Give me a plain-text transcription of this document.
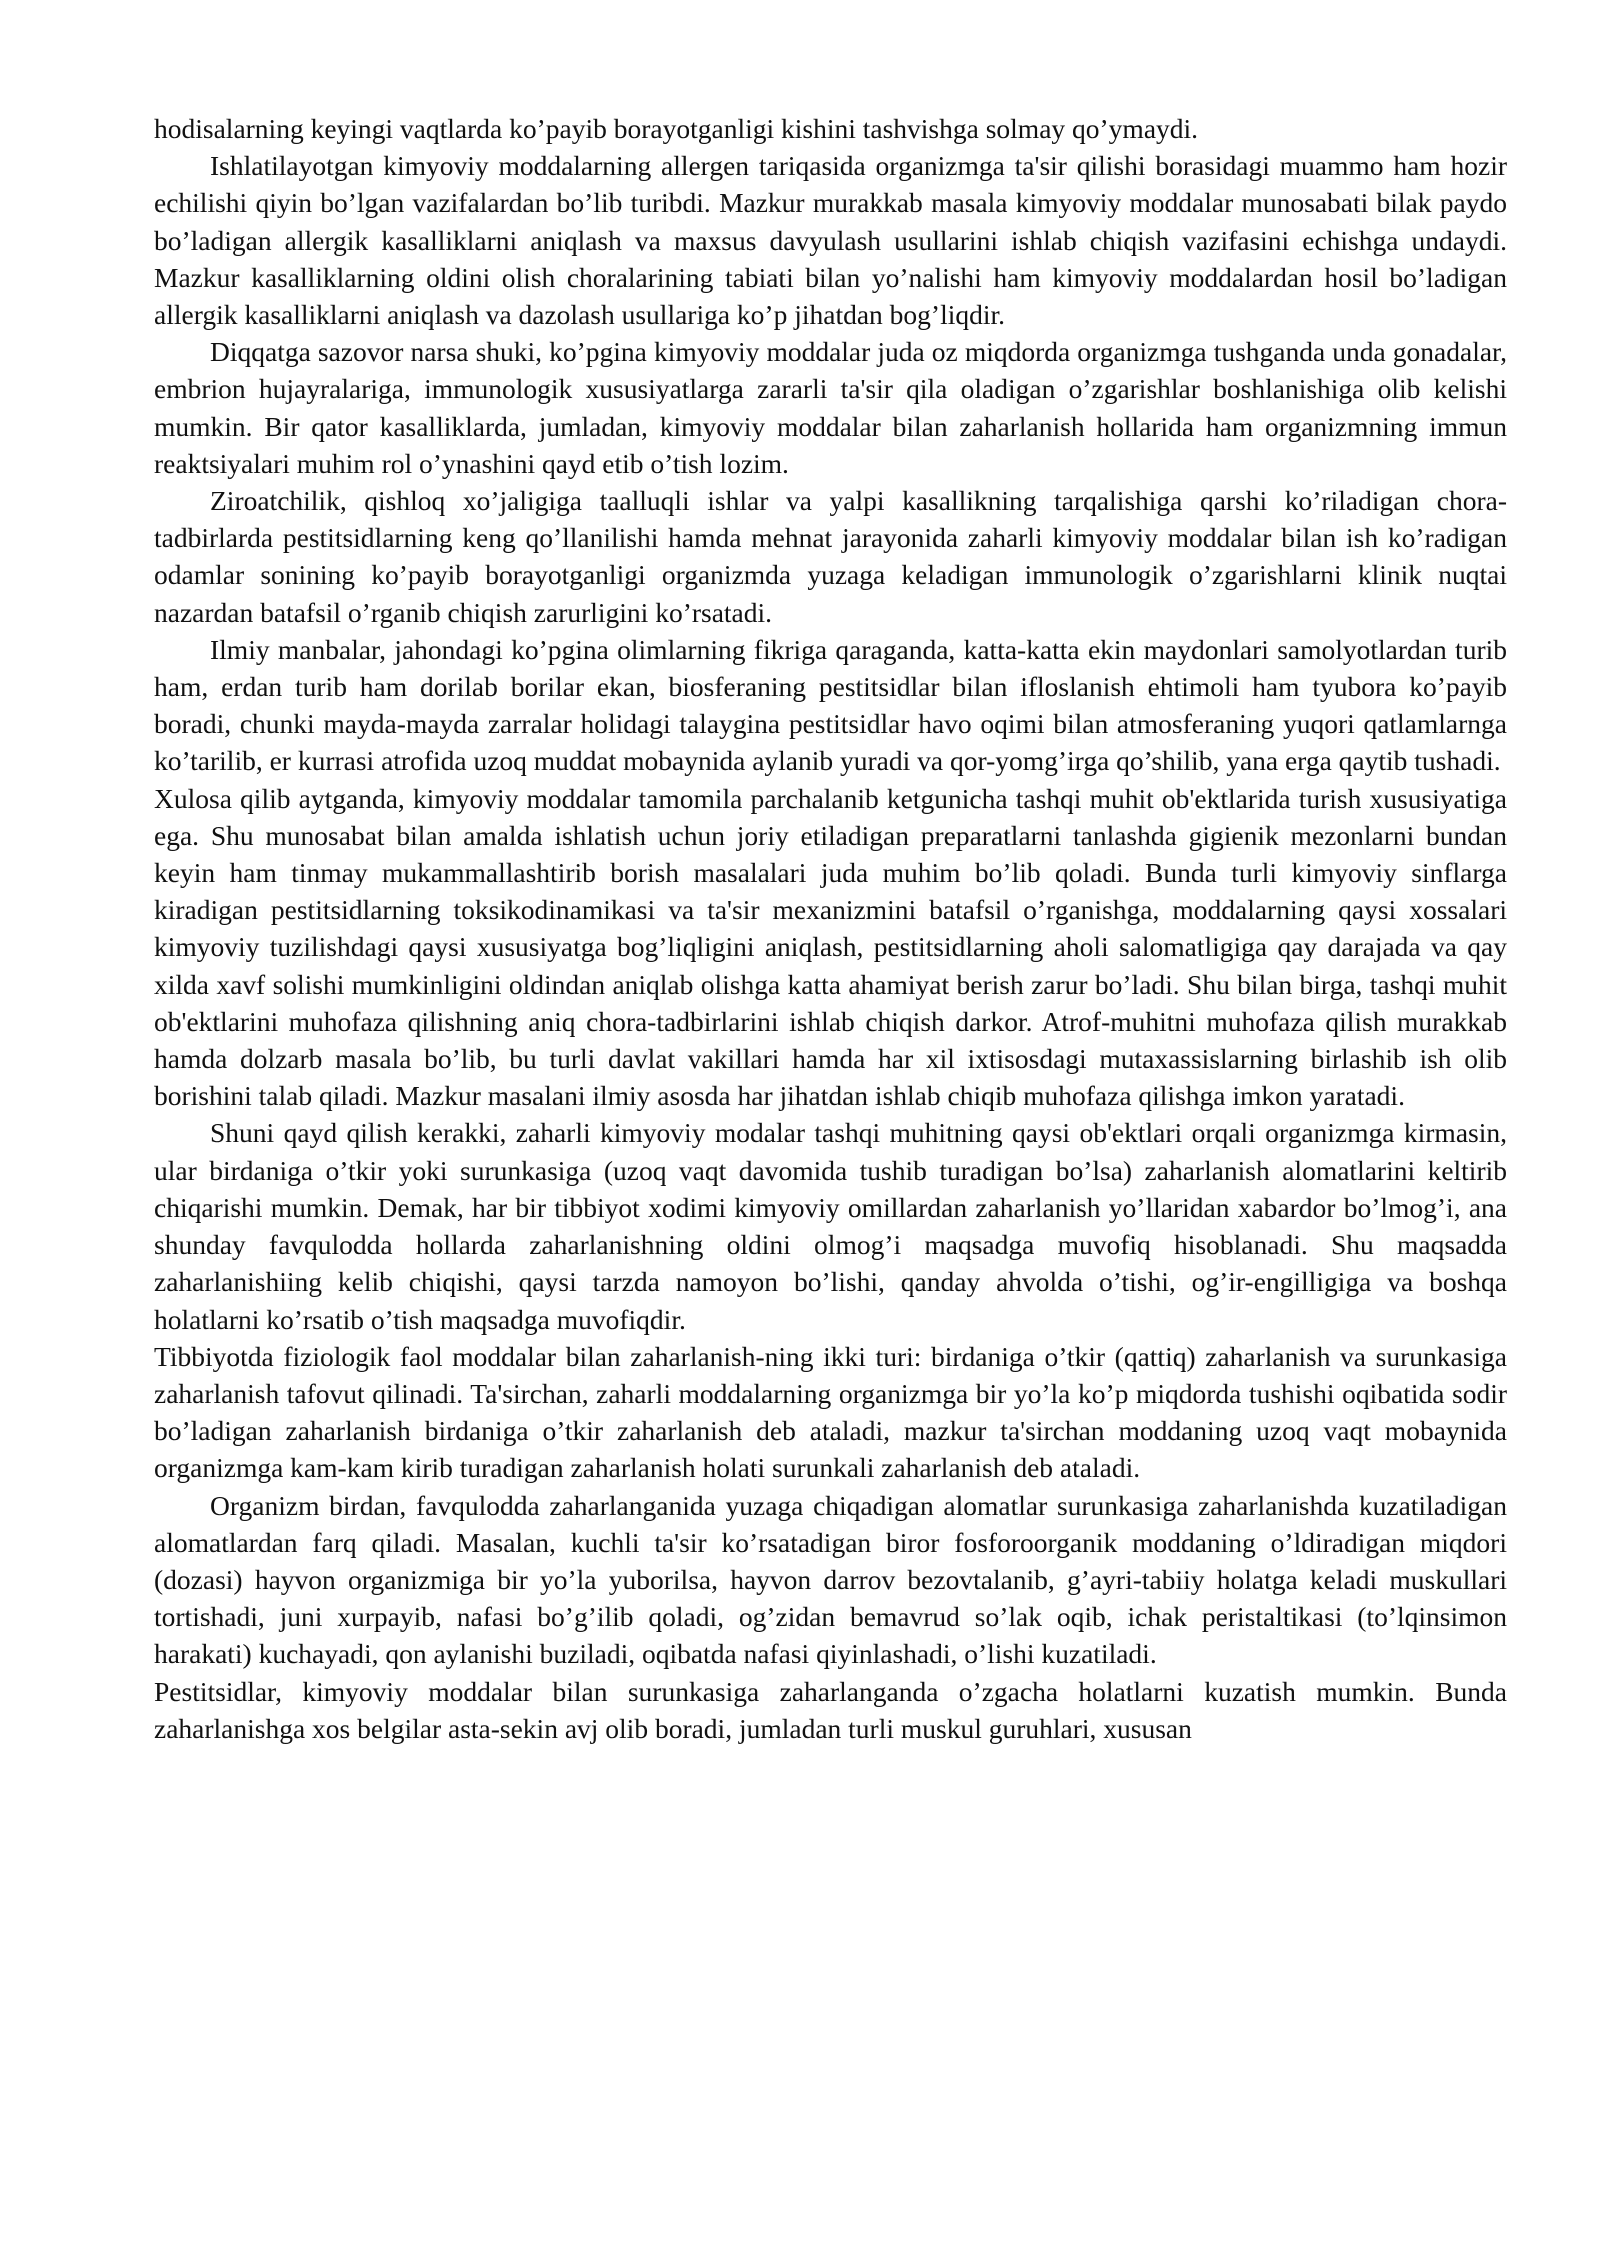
hodisalarning keyingi vaqtlarda ko’payib borayotganligi kishini tashvishga solmay qo’ymaydi.

Ishlatilayotgan kimyoviy moddalarning allergen tariqasida organizmga ta'sir qilishi borasidagi muammo ham hozir echilishi qiyin bo’lgan vazifalardan bo’lib turibdi. Mazkur murakkab masala kimyoviy moddalar munosabati bilak paydo bo’ladigan allergik kasalliklarni aniqlash va maxsus davyulash usullarini ishlab chiqish vazifasini echishga undaydi. Mazkur kasalliklarning oldini olish choralarining tabiati bilan yo’nalishi ham kimyoviy moddalardan hosil bo’ladigan allergik kasalliklarni aniqlash va dazolash usullariga ko’p jihatdan bog’liqdir.

Diqqatga sazovor narsa shuki, ko’pgina kimyoviy moddalar juda oz miqdorda organizmga tushganda unda gonadalar, embrion hujayralariga, immunologik xususiyatlarga zararli ta'sir qila oladigan o’zgarishlar boshlanishiga olib kelishi mumkin. Bir qator kasalliklarda, jumladan, kimyoviy moddalar bilan zaharlanish hollarida ham organizmning immun reaktsiyalari muhim rol o’ynashini qayd etib o’tish lozim.

Ziroatchilik, qishloq xo’jaligiga taalluqli ishlar va yalpi kasallikning tarqalishiga qarshi ko’riladigan chora-tadbirlarda pestitsidlarning keng qo’llanilishi hamda mehnat jarayonida zaharli kimyoviy moddalar bilan ish ko’radigan odamlar sonining ko’payib borayotganligi organizmda yuzaga keladigan immunologik o’zgarishlarni klinik nuqtai nazardan batafsil o’rganib chiqish zarurligini ko’rsatadi.

Ilmiy manbalar, jahondagi ko’pgina olimlarning fikriga qaraganda, katta-katta ekin maydonlari samolyotlardan turib ham, erdan turib ham dorilab borilar ekan, biosferaning pestitsidlar bilan ifloslanish ehtimoli ham tyubora ko’payib boradi, chunki mayda-mayda zarralar holidagi talaygina pestitsidlar havo oqimi bilan atmosferaning yuqori qatlamlarnga ko’tarilib, er kurrasi atrofida uzoq muddat mobaynida aylanib yuradi va qor-yomg’irga qo’shilib, yana erga qaytib tushadi.

Xulosa qilib aytganda, kimyoviy moddalar tamomila parchalanib ketgunicha tashqi muhit ob'ektlarida turish xususiyatiga ega. Shu munosabat bilan amalda ishlatish uchun joriy etiladigan preparatlarni tanlashda gigienik mezonlarni bundan keyin ham tinmay mukammallashtirib borish masalalari juda muhim bo’lib qoladi. Bunda turli kimyoviy sinflarga kiradigan pestitsidlarning toksikodinamikasi va ta'sir mexanizmini batafsil o’rganishga, moddalarning qaysi xossalari kimyoviy tuzilishdagi qaysi xususiyatga bog’liqligini aniqlash, pestitsidlarning aholi salomatligiga qay darajada va qay xilda xavf solishi mumkinligini oldindan aniqlab olishga katta ahamiyat berish zarur bo’ladi. Shu bilan birga, tashqi muhit ob'ektlarini muhofaza qilishning aniq chora-tadbirlarini ishlab chiqish darkor. Atrof-muhitni muhofaza qilish murakkab hamda dolzarb masala bo’lib, bu turli davlat vakillari hamda har xil ixtisosdagi mutaxassislarning birlashib ish olib borishini talab qiladi. Mazkur masalani ilmiy asosda har jihatdan ishlab chiqib muhofaza qilishga imkon yaratadi.

Shuni qayd qilish kerakki, zaharli kimyoviy modalar tashqi muhitning qaysi ob'ektlari orqali organizmga kirmasin, ular birdaniga o’tkir yoki surunkasiga (uzoq vaqt davomida tushib turadigan bo’lsa) zaharlanish alomatlarini keltirib chiqarishi mumkin. Demak, har bir tibbiyot xodimi kimyoviy omillardan zaharlanish yo’llaridan xabardor bo’lmog’i, ana shunday favqulodda hollarda zaharlanishning oldini olmog’i maqsadga muvofiq hisoblanadi. Shu maqsadda zaharlanishiing kelib chiqishi, qaysi tarzda namoyon bo’lishi, qanday ahvolda o’tishi, og’ir-engilligiga va boshqa holatlarni ko’rsatib o’tish maqsadga muvofiqdir.

Tibbiyotda fiziologik faol moddalar bilan zaharlanish-ning ikki turi: birdaniga o’tkir (qattiq) zaharlanish va surunkasiga zaharlanish tafovut qilinadi. Ta'sirchan, zaharli moddalarning organizmga bir yo’la ko’p miqdorda tushishi oqibatida sodir bo’ladigan zaharlanish birdaniga o’tkir zaharlanish deb ataladi, mazkur ta'sirchan moddaning uzoq vaqt mobaynida organizmga kam-kam kirib turadigan zaharlanish holati surunkali zaharlanish deb ataladi.

Organizm birdan, favqulodda zaharlanganida yuzaga chiqadigan alomatlar surunkasiga zaharlanishda kuzatiladigan alomatlardan farq qiladi. Masalan, kuchli ta'sir ko’rsatadigan biror fosforoorganik moddaning o’ldiradigan miqdori (dozasi) hayvon organizmiga bir yo’la yuborilsa, hayvon darrov bezovtalanib, g’ayri-tabiiy holatga keladi muskullari tortishadi, juni xurpayib, nafasi bo’g’ilib qoladi, og’zidan bemavrud so’lak oqib, ichak peristaltikasi (to’lqinsimon harakati) kuchayadi, qon aylanishi buziladi, oqibatda nafasi qiyinlashadi, o’lishi kuzatiladi.

Pestitsidlar, kimyoviy moddalar bilan surunkasiga zaharlanganda o’zgacha holatlarni kuzatish mumkin. Bunda zaharlanishga xos belgilar asta-sekin avj olib boradi, jumladan turli muskul guruhlari, xususan
